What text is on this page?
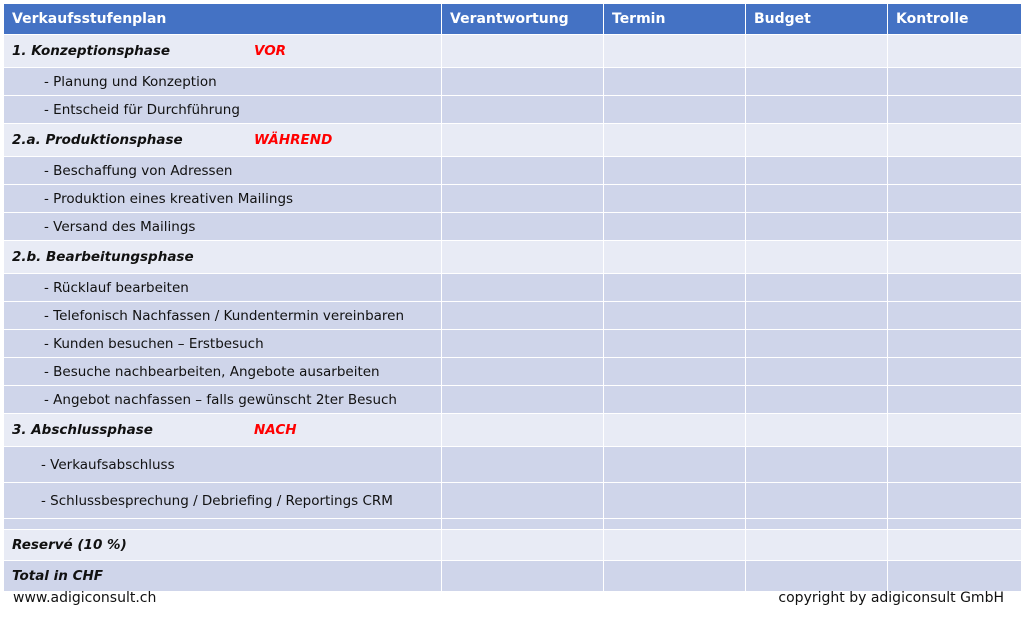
Verkaufsstufenplan	Verantwortung	Termin	Budget	Kontrolle
1. Konzeptionsphase VOR				
- Planung und Konzeption				
- Entscheid für Durchführung				
2.a. Produktionsphase WÄHREND				
- Beschaffung von Adressen				
- Produktion eines kreativen Mailings				
- Versand des Mailings				
2.b. Bearbeitungsphase				
- Rücklauf bearbeiten				
- Telefonisch Nachfassen / Kundentermin vereinbaren				
- Kunden besuchen – Erstbesuch				
- Besuche nachbearbeiten, Angebote ausarbeiten				
- Angebot nachfassen – falls gewünscht 2ter Besuch				
3. Abschlussphase NACH				
- Verkaufsabschluss				
- Schlussbesprechung / Debriefing / Reportings CRM				

Reservé (10 %)				
Total in CHF				
www.adigiconsult.ch	copyright by adigiconsult GmbH
